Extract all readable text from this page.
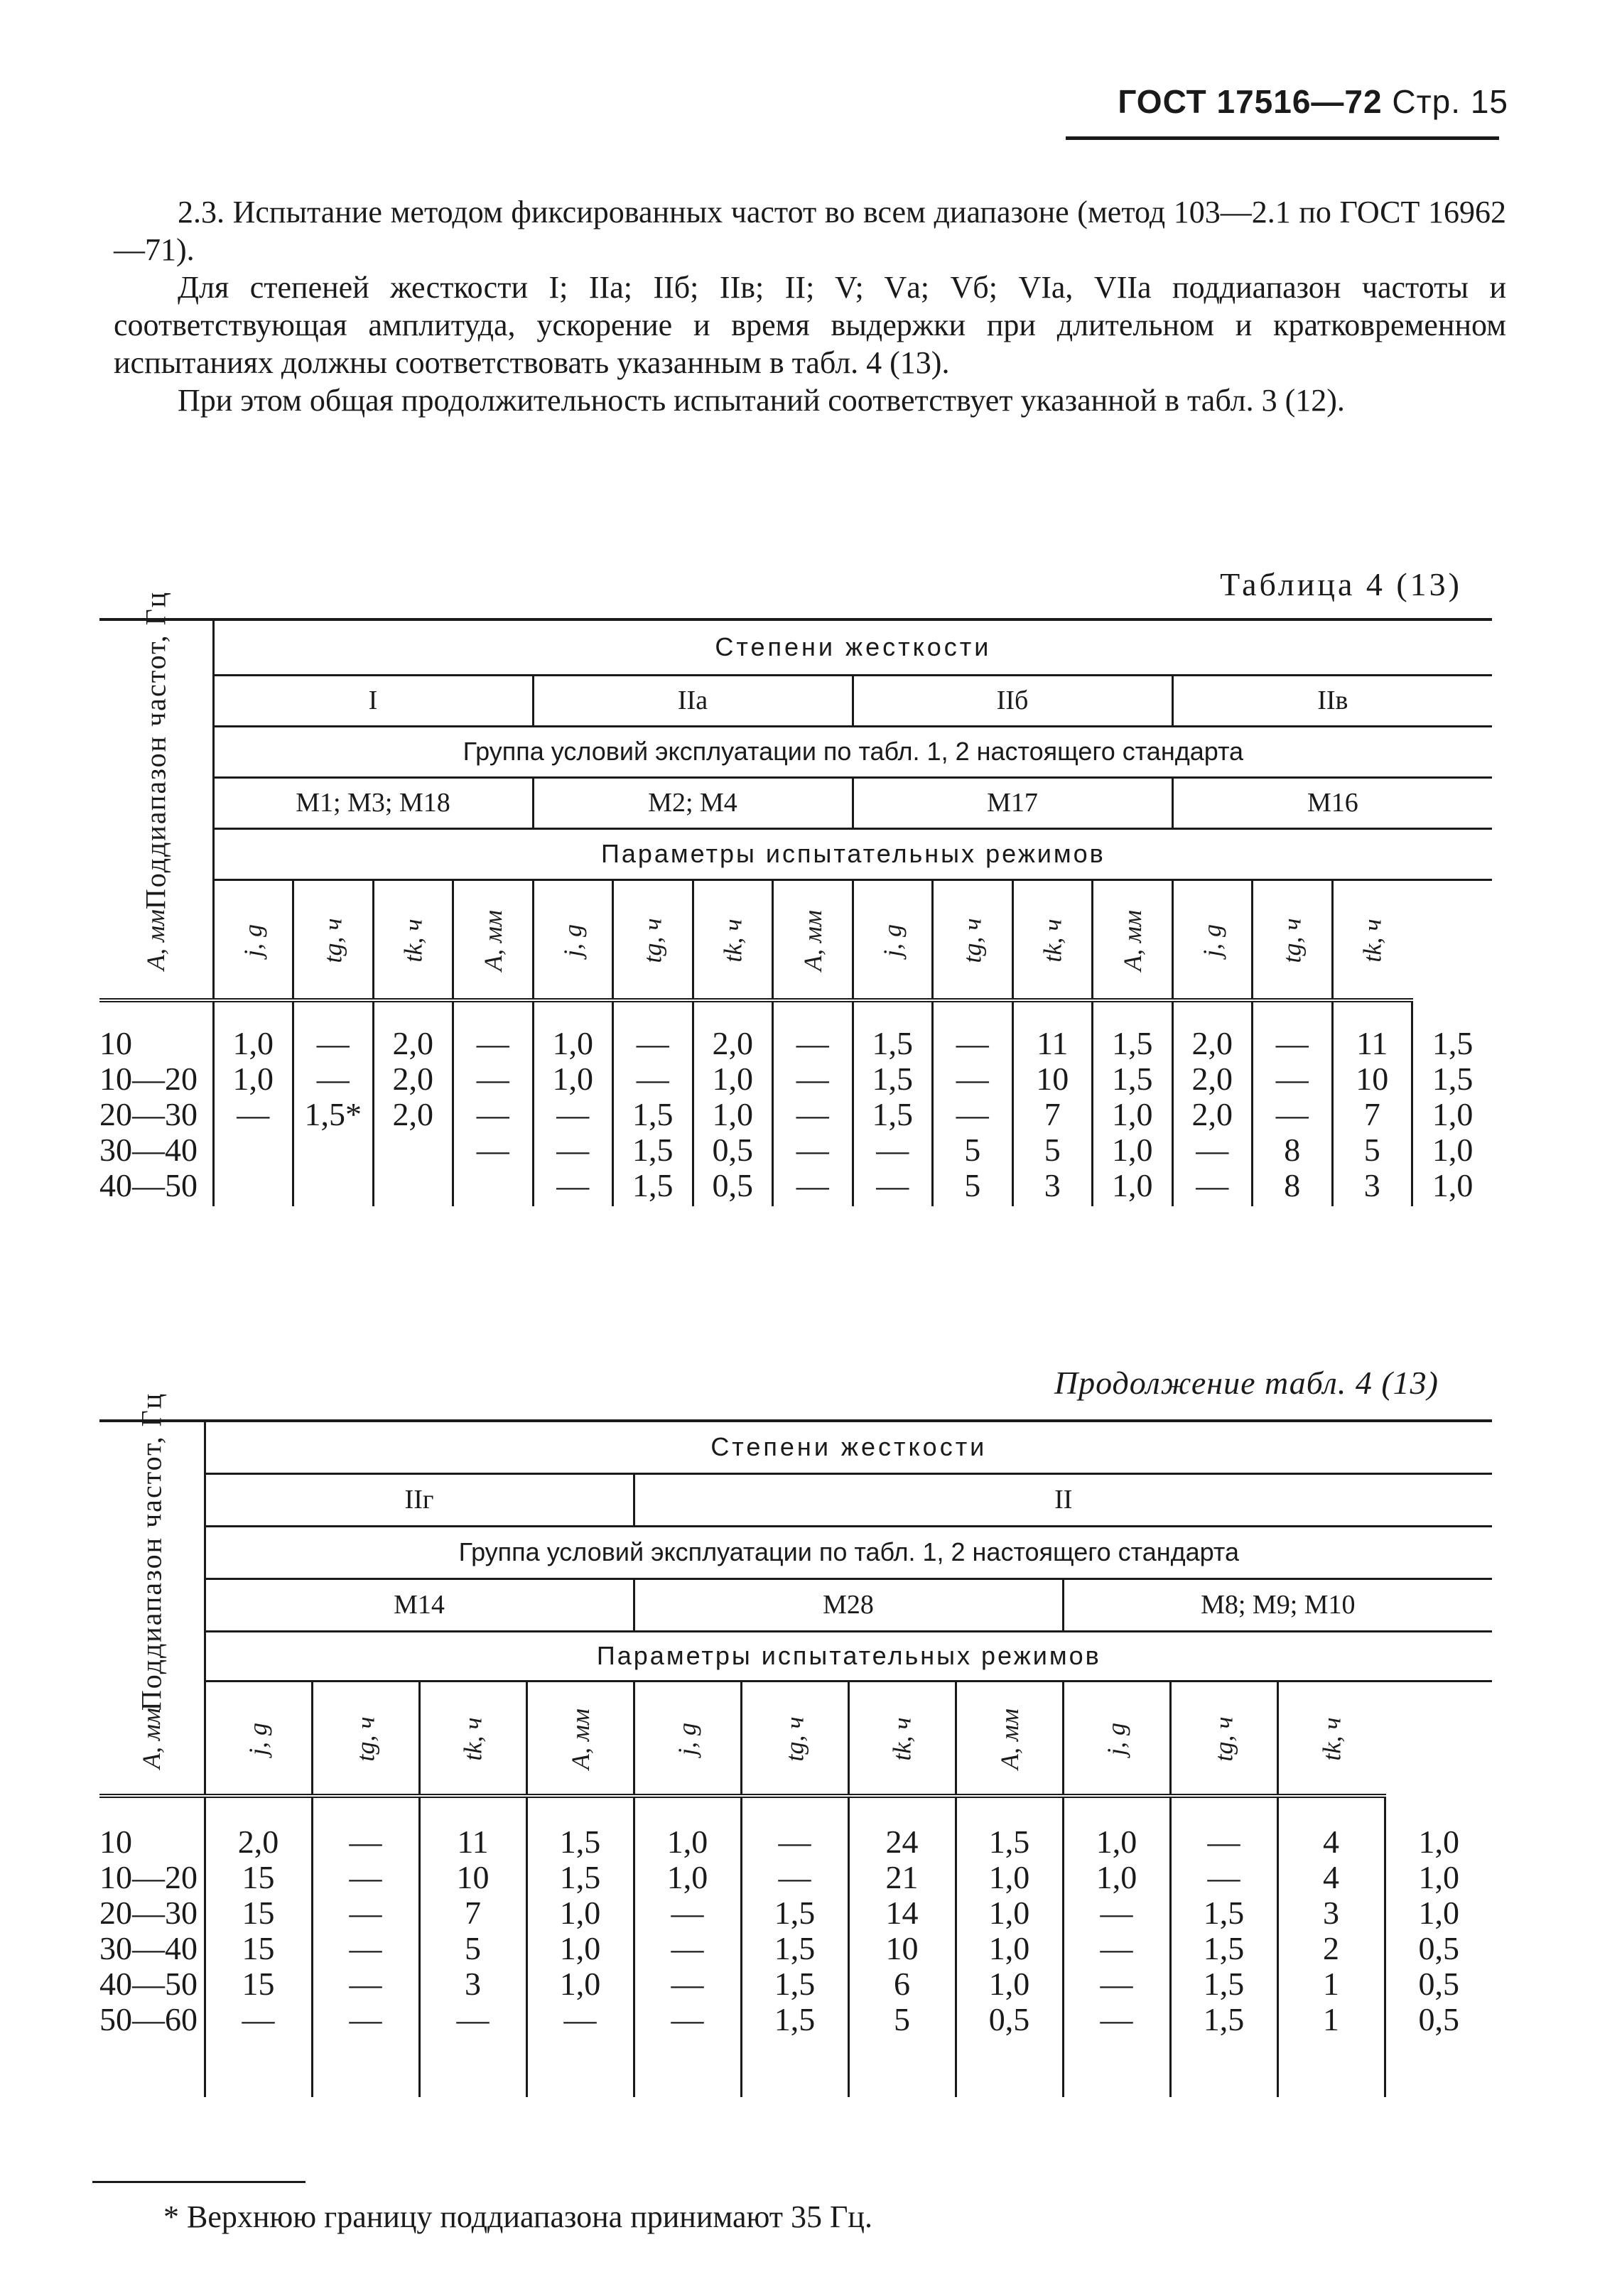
ГОСТ 17516—72 Стр. 15

2.3. Испытание методом фиксированных частот во всем диапазоне (метод 103—2.1 по ГОСТ 16962—71).

Для степеней жесткости I; IIа; IIб; IIв; II; V; Vа; Vб; VIа, VIIа поддиапазон частоты и соответствующая амплитуда, ускорение и время выдержки при длительном и кратковременном испытаниях должны соответствовать указанным в табл. 4 (13).

При этом общая продолжительность испытаний соответствует указанной в табл. 3 (12).

Таблица 4 (13)
Поддиапазон частот, Гц	Степени жесткости															
	I				IIа				IIб				IIв			
	Группа условий эксплуатации по табл. 1, 2 настоящего стандарта															
	М1; М3; М18				М2; М4				М17				М16			
	Параметры испытательных режимов															
A, мм	j, g	tg, ч	tk, ч	A, мм	j, g	tg, ч	tk, ч	A, мм	j, g	tg, ч	tk, ч	A, мм	j, g	tg, ч	tk, ч	

10	1,0	—	2,0	—	1,0	—	2,0	—	1,5	—	11	1,5	2,0	—	11	1,5
10—20	1,0	—	2,0	—	1,0	—	1,0	—	1,5	—	10	1,5	2,0	—	10	1,5
20—30	—	1,5*	2,0	—	—	1,5	1,0	—	1,5	—	7	1,0	2,0	—	7	1,0
30—40				—	—	1,5	0,5	—	—	5	5	1,0	—	8	5	1,0
40—50					—	1,5	0,5	—	—	5	3	1,0	—	8	3	1,0

Продолжение табл. 4 (13)
Поддиапазон частот, Гц	Степени жесткости											
	IIг				II							
	Группа условий эксплуатации по табл. 1, 2 настоящего стандарта											
	М14				М28				М8; М9; М10			
	Параметры испытательных режимов											
A, мм	j, g	tg, ч	tk, ч	A, мм	j, g	tg, ч	tk, ч	A, мм	j, g	tg, ч	tk, ч	

10	2,0	—	11	1,5	1,0	—	24	1,5	1,0	—	4	1,0
10—20	15	—	10	1,5	1,0	—	21	1,0	1,0	—	4	1,0
20—30	15	—	7	1,0	—	1,5	14	1,0	—	1,5	3	1,0
30—40	15	—	5	1,0	—	1,5	10	1,0	—	1,5	2	0,5
40—50	15	—	3	1,0	—	1,5	6	1,0	—	1,5	1	0,5
50—60	—	—	—	—	—	1,5	5	0,5	—	1,5	1	0,5

* Верхнюю границу поддиапазона принимают 35 Гц.
